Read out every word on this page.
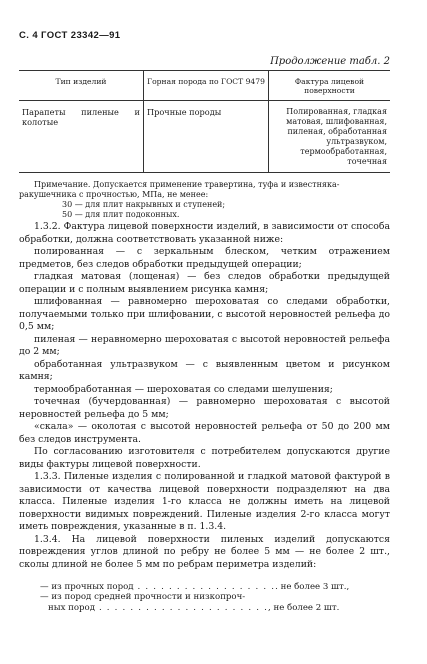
С. 4 ГОСТ 23342—91
Продолжение табл. 2
Тип изделий	Горная порода по ГОСТ 9479	Фактура лицевой поверхности
Парапеты пиленые и колотые	Прочные породы	Полированная, гладкая матовая, шлифованная, пиленая, обработанная ультразвуком, термообработанная, точечная
Примечание. Допускается применение травертина, туфа и известняка-ракушечника с прочностью, МПа, не менее:
30 — для плит накрывных и ступеней;
50 — для плит подоконных.

1.3.2. Фактура лицевой поверхности изделий, в зависимости от способа обработки, должна соответствовать указанной ниже:

полированная — с зеркальным блеском, четким отражением предметов, без следов обработки предыдущей операции;

гладкая матовая (лощеная) — без следов обработки предыдущей операции и с полным выявлением рисунка камня;

шлифованная — равномерно шероховатая со следами обработки, получаемыми только при шлифовании, с высотой неровностей рельефа до 0,5 мм;

пиленая — неравномерно шероховатая с высотой неровностей рельефа до 2 мм;

обработанная ультразвуком — с выявленным цветом и рисунком камня;

термообработанная — шероховатая со следами шелушения;

точечная (бучердованная) — равномерно шероховатая с высотой неровностей рельефа до 5 мм;

«скала» — околотая с высотой неровностей рельефа от 50 до 200 мм без следов инструмента.

По согласованию изготовителя с потребителем допускаются другие виды фактуры лицевой поверхности.

1.3.3. Пиленые изделия с полированной и гладкой матовой фактурой в зависимости от качества лицевой поверхности подразделяют на два класса. Пиленые изделия 1-го класса не должны иметь на лицевой поверхности видимых повреждений. Пиленые изделия 2-го класса могут иметь повреждения, указанные в п. 1.3.4.

1.3.4. На лицевой поверхности пиленых изделий допускаются повреждения углов длиной по ребру не более 5 мм — не более 2 шт., сколы длиной не более 5 мм по ребрам периметра изделий:

— из прочных пород . . . . . . . . . . . . . . . . . .. не более 3 шт.,
— из пород средней прочности и низкопроч-
ных пород . . . . . . . . . . . . . . . . . . . . . ., не более 2 шт.
